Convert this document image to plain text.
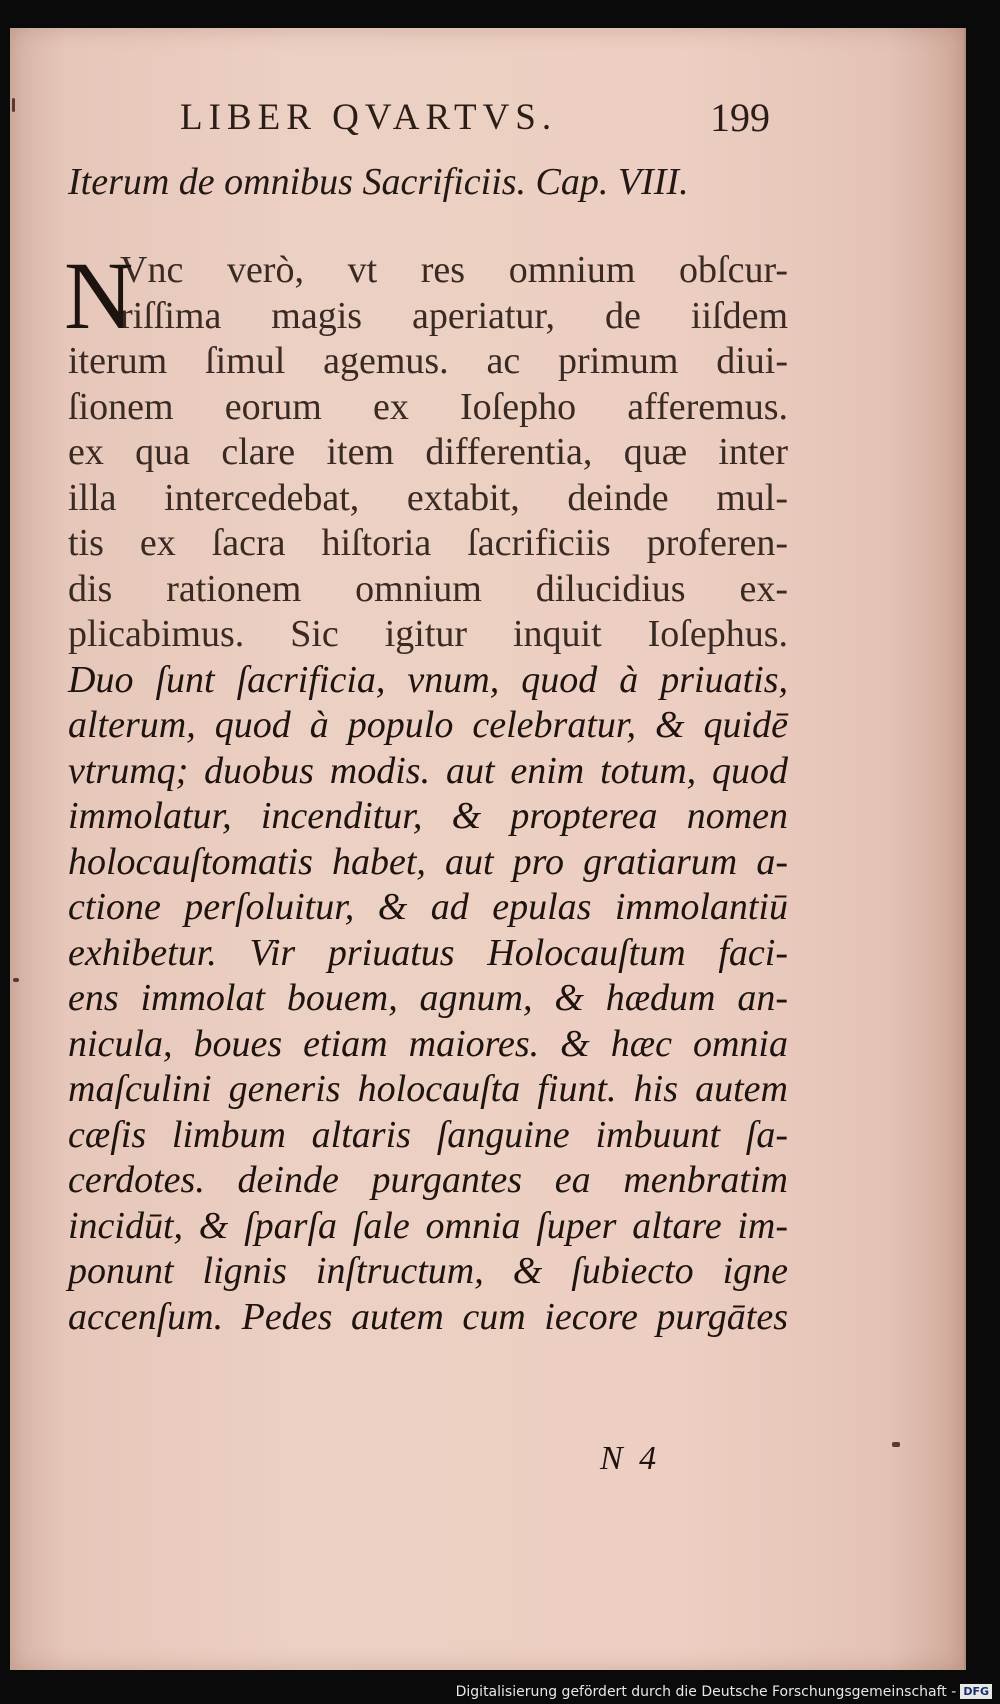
LIBER QVARTVS.	199
Iterum de omnibus Sacrificiis. Cap. VIII.
N
Vnc verò, vt res omnium obſcur-
riſſima magis aperiatur, de iiſdem
iterum ſimul agemus. ac primum diui-
ſionem eorum ex Ioſepho afferemus.
ex qua clare item differentia, quæ inter
illa intercedebat, extabit, deinde mul-
tis ex ſacra hiſtoria ſacrificiis proferen-
dis rationem omnium dilucidius ex-
plicabimus. Sic igitur inquit Ioſephus.
Duo ſunt ſacrificia, vnum, quod à priuatis,
alterum, quod à populo celebratur, & quidē
vtrumq; duobus modis. aut enim totum, quod
immolatur, incenditur, & propterea nomen
holocauſtomatis habet, aut pro gratiarum a-
ctione perſoluitur, & ad epulas immolantiū
exhibetur. Vir priuatus Holocauſtum faci-
ens immolat bouem, agnum, & hædum an-
nicula, boues etiam maiores. & hæc omnia
maſculini generis holocauſta fiunt. his autem
cæſis limbum altaris ſanguine imbuunt ſa-
cerdotes. deinde purgantes ea menbratim
incidūt, & ſparſa ſale omnia ſuper altare im-
ponunt lignis inſtructum, & ſubiecto igne
accenſum. Pedes autem cum iecore purgātes
N 4
Digitalisierung gefördert durch die Deutsche Forschungsgemeinschaft - DFG
